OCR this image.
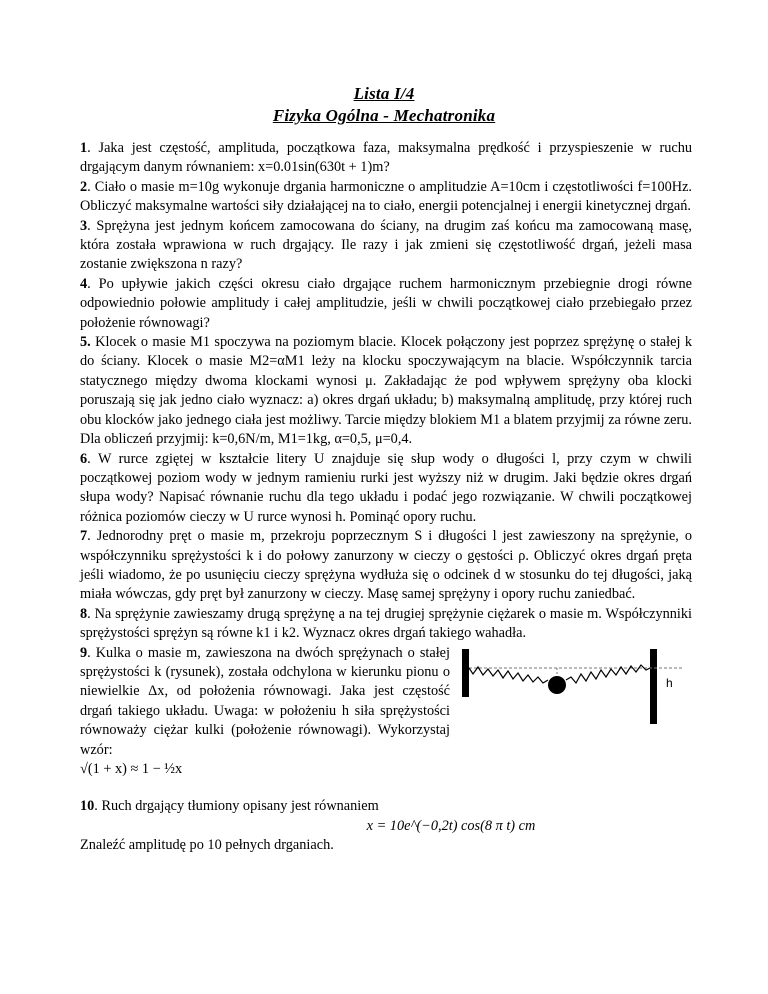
Lista I/4
Fizyka Ogólna - Mechatronika

1. Jaka jest częstość, amplituda, początkowa faza, maksymalna prędkość i przyspieszenie w ruchu drgającym danym równaniem: x=0.01sin(630t + 1)m?

2. Ciało o masie m=10g wykonuje drgania harmoniczne o amplitudzie A=10cm i częstotliwości f=100Hz. Obliczyć maksymalne wartości siły działającej na to ciało, energii potencjalnej i energii kinetycznej drgań.

3. Sprężyna jest jednym końcem zamocowana do ściany, na drugim zaś końcu ma zamocowaną masę, która została wprawiona w ruch drgający. Ile razy i jak zmieni się częstotliwość drgań, jeżeli masa zostanie zwiększona n razy?

4. Po upływie jakich części okresu ciało drgające ruchem harmonicznym przebiegnie drogi równe odpowiednio połowie amplitudy i całej amplitudzie, jeśli w chwili początkowej ciało przebiegało przez położenie równowagi?

5. Klocek o masie M1 spoczywa na poziomym blacie. Klocek połączony jest poprzez sprężynę o stałej k do ściany. Klocek o masie M2=αM1 leży na klocku spoczywającym na blacie. Współczynnik tarcia statycznego między dwoma klockami wynosi μ. Zakładając że pod wpływem sprężyny oba klocki poruszają się jak jedno ciało wyznacz: a) okres drgań układu; b) maksymalną amplitudę, przy której ruch obu klocków jako jednego ciała jest możliwy. Tarcie między blokiem M1 a blatem przyjmij za równe zeru. Dla obliczeń przyjmij: k=0,6N/m, M1=1kg, α=0,5, μ=0,4.

6. W rurce zgiętej w kształcie litery U znajduje się słup wody o długości l, przy czym w chwili początkowej poziom wody w jednym ramieniu rurki jest wyższy niż w drugim. Jaki będzie okres drgań słupa wody? Napisać równanie ruchu dla tego układu i podać jego rozwiązanie. W chwili początkowej różnica poziomów cieczy w U rurce wynosi h. Pominąć opory ruchu.

7. Jednorodny pręt o masie m, przekroju poprzecznym S i długości l jest zawieszony na sprężynie, o współczynniku sprężystości k i do połowy zanurzony w cieczy o gęstości ρ. Obliczyć okres drgań pręta jeśli wiadomo, że po usunięciu cieczy sprężyna wydłuża się o odcinek d w stosunku do tej długości, jaką miała wówczas, gdy pręt był zanurzony w cieczy. Masę samej sprężyny i opory ruchu zaniedbać.

8. Na sprężynie zawieszamy drugą sprężynę a na tej drugiej sprężynie ciężarek o masie m. Współczynniki sprężystości sprężyn są równe k1 i k2. Wyznacz okres drgań takiego wahadła.

9. Kulka o masie m, zawieszona na dwóch sprężynach o stałej sprężystości k (rysunek), została odchylona w kierunku pionu o niewielkie Δx, od położenia równowagi. Jaka jest częstość drgań takiego układu. Uwaga: w położeniu h siła sprężystości równoważy ciężar kulki (położenie równowagi). Wykorzystaj wzór:
√(1 + x) ≈ 1 − ½x

10. Ruch drgający tłumiony opisany jest równaniem

x = 10e^(−0,2t) cos(8 π t) cm

Znaleźć amplitudę po 10 pełnych drganiach.

h
